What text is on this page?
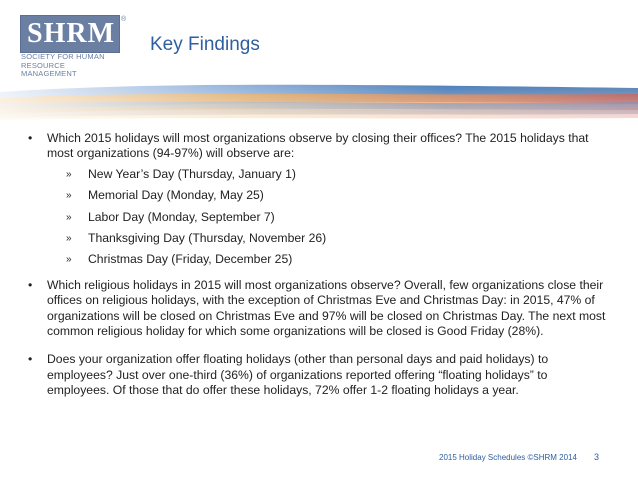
SHRM ®
SOCIETY FOR HUMAN
RESOURCE MANAGEMENT
Key Findings
• Which 2015 holidays will most organizations observe by closing their offices? The 2015 holidays that most organizations (94-97%) will observe are:
» New Year’s Day (Thursday, January 1)
» Memorial Day (Monday, May 25)
» Labor Day (Monday, September 7)
» Thanksgiving Day (Thursday, November 26)
» Christmas Day (Friday, December 25)
• Which religious holidays in 2015 will most organizations observe? Overall, few organizations close their offices on religious holidays, with the exception of Christmas Eve and Christmas Day: in 2015, 47% of organizations will be closed on Christmas Eve and 97% will be closed on Christmas Day. The next most common religious holiday for which some organizations will be closed is Good Friday (28%).
• Does your organization offer floating holidays (other than personal days and paid holidays) to employees? Just over one-third (36%) of organizations reported offering “floating holidays” to employees. Of those that do offer these holidays, 72% offer 1-2 floating holidays a year.
2015 Holiday Schedules ©SHRM 2014 3
